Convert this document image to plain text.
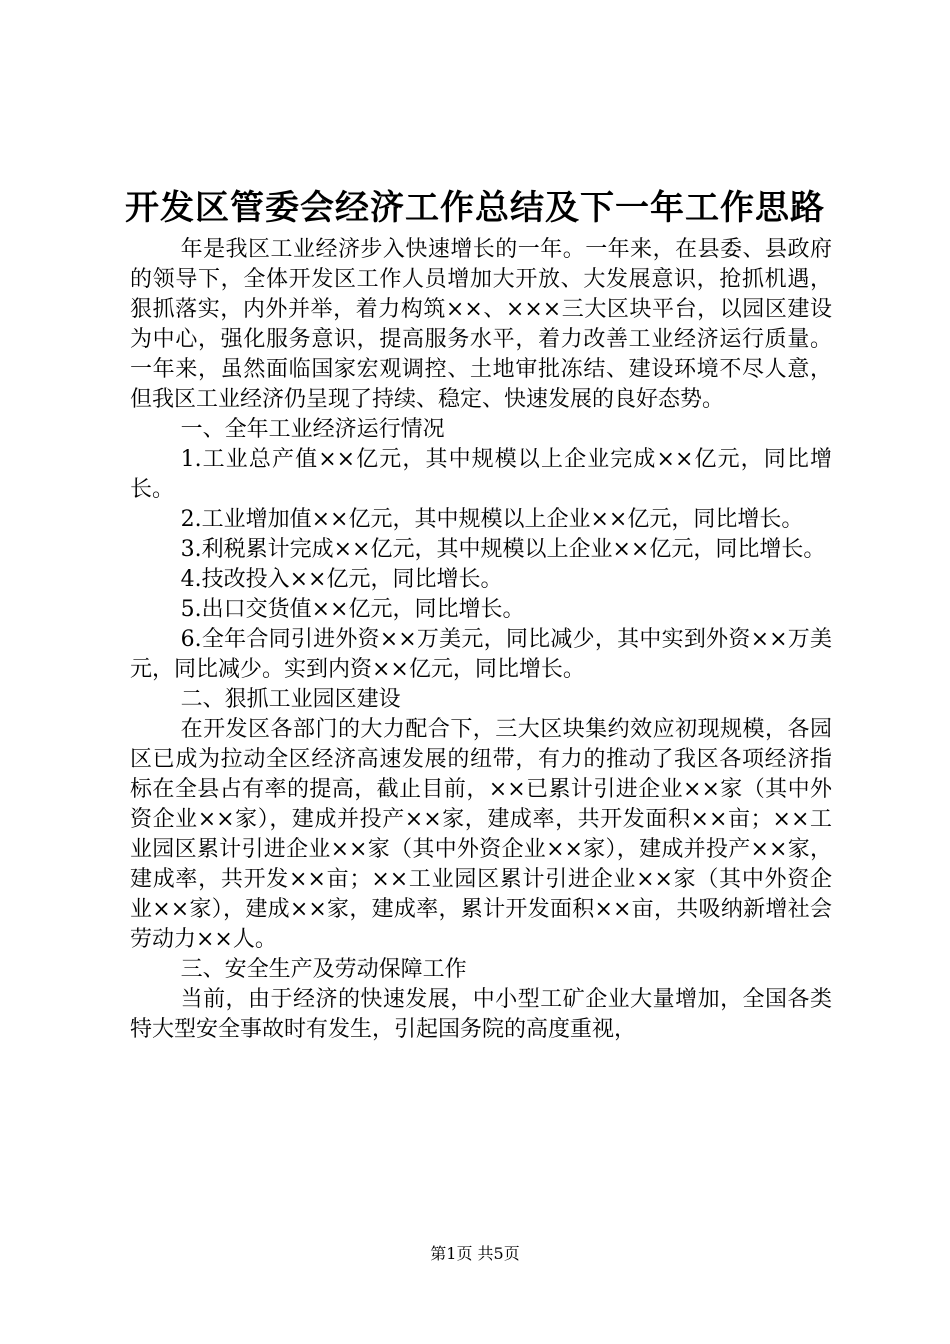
开发区管委会经济工作总结及下一年工作思路

年是我区工业经济步入快速增长的一年。一年来，在县委、县政府的领导下，全体开发区工作人员增加大开放、大发展意识，抢抓机遇，狠抓落实，内外并举，着力构筑××、×××三大区块平台，以园区建设为中心，强化服务意识，提高服务水平，着力改善工业经济运行质量。一年来，虽然面临国家宏观调控、土地审批冻结、建设环境不尽人意，但我区工业经济仍呈现了持续、稳定、快速发展的良好态势。

一、全年工业经济运行情况

1.工业总产值××亿元，其中规模以上企业完成××亿元，同比增长。

2.工业增加值××亿元，其中规模以上企业××亿元，同比增长。

3.利税累计完成××亿元，其中规模以上企业××亿元，同比增长。

4.技改投入××亿元，同比增长。

5.出口交货值××亿元，同比增长。

6.全年合同引进外资××万美元，同比减少，其中实到外资××万美元，同比减少。实到内资××亿元，同比增长。

二、狠抓工业园区建设

在开发区各部门的大力配合下，三大区块集约效应初现规模，各园区已成为拉动全区经济高速发展的纽带，有力的推动了我区各项经济指标在全县占有率的提高，截止目前，××已累计引进企业××家（其中外资企业××家），建成并投产××家，建成率，共开发面积××亩；××工业园区累计引进企业××家（其中外资企业××家），建成并投产××家，建成率，共开发××亩；××工业园区累计引进企业××家（其中外资企业××家），建成××家，建成率，累计开发面积××亩，共吸纳新增社会劳动力××人。

三、安全生产及劳动保障工作

当前，由于经济的快速发展，中小型工矿企业大量增加，全国各类特大型安全事故时有发生，引起国务院的高度重视，

第1页 共5页
